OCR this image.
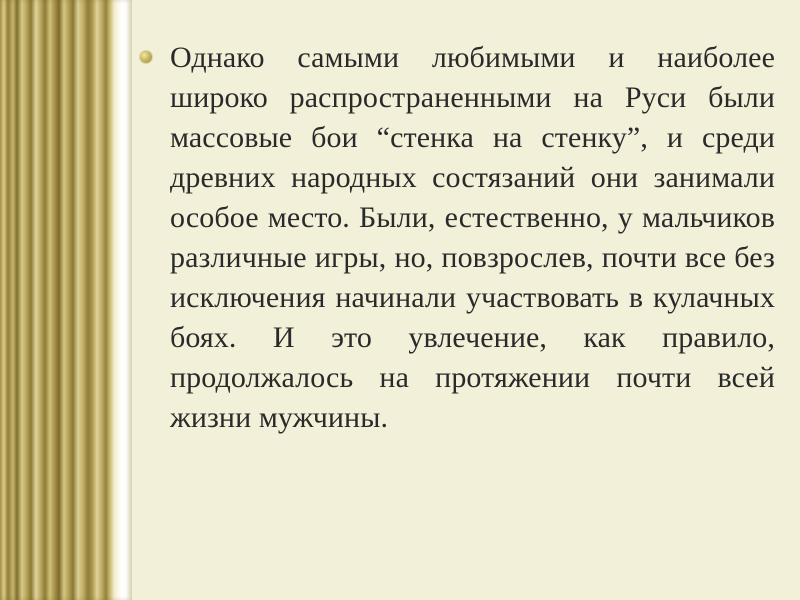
Однако самыми любимыми и наиболее широко распространенными на Руси были массовые бои “стенка на стенку”, и среди древних народных состязаний они занимали особое место. Были, естественно, у мальчиков различные игры, но, повзрослев, почти все без исключения начинали участвовать в кулачных боях. И это увлечение, как правило, продолжалось на протяжении почти всей жизни мужчины.
